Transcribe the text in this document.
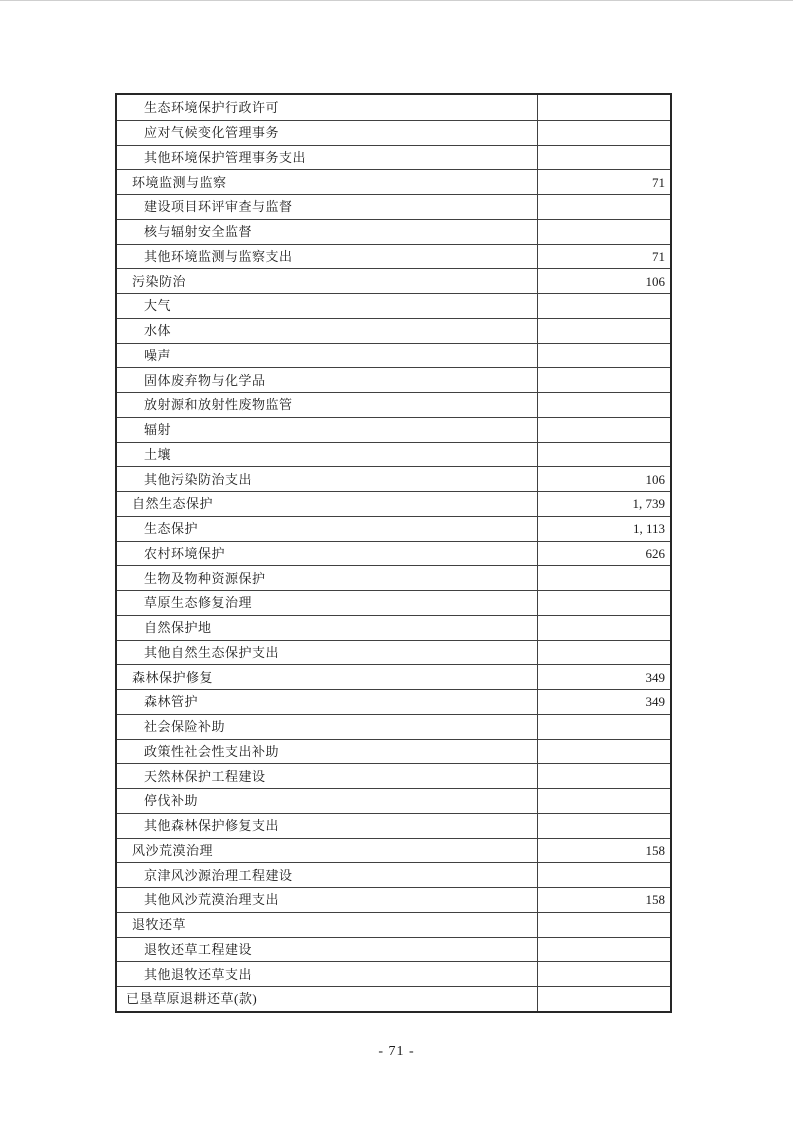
生态环境保护行政许可
应对气候变化管理事务
其他环境保护管理事务支出
环境监测与监察	71
建设项目环评审查与监督
核与辐射安全监督
其他环境监测与监察支出	71
污染防治	106
大气
水体
噪声
固体废弃物与化学品
放射源和放射性废物监管
辐射
土壤
其他污染防治支出	106
自然生态保护	1, 739
生态保护	1, 113
农村环境保护	626
生物及物种资源保护
草原生态修复治理
自然保护地
其他自然生态保护支出
森林保护修复	349
森林管护	349
社会保险补助
政策性社会性支出补助
天然林保护工程建设
停伐补助
其他森林保护修复支出
风沙荒漠治理	158
京津风沙源治理工程建设
其他风沙荒漠治理支出	158
退牧还草
退牧还草工程建设
其他退牧还草支出
已垦草原退耕还草(款)
- 71 -
